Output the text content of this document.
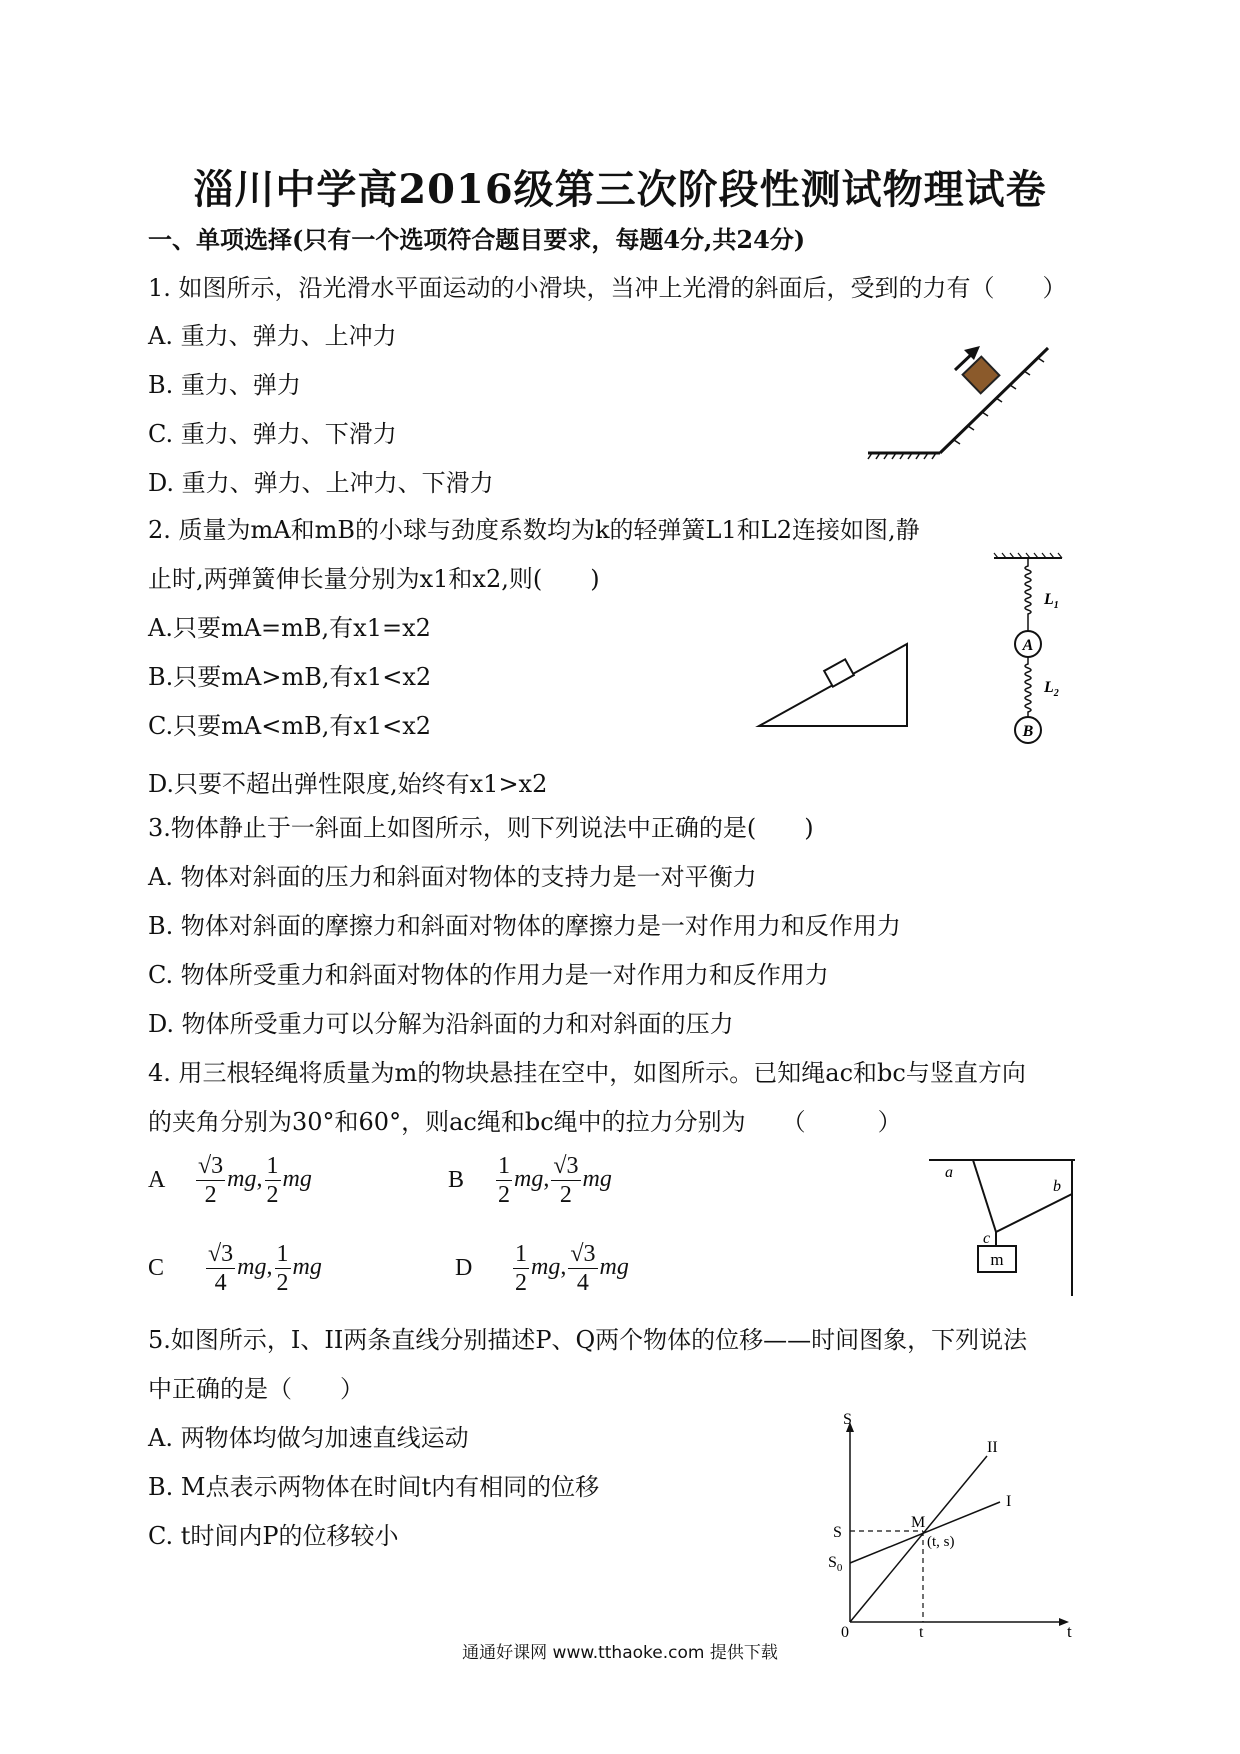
淄川中学高2016级第三次阶段性测试物理试卷
一、单项选择(只有一个选项符合题目要求，每题4分,共24分)
1. 如图所示，沿光滑水平面运动的小滑块，当冲上光滑的斜面后，受到的力有（　　）
A. 重力、弹力、上冲力
B. 重力、弹力
C. 重力、弹力、下滑力
D. 重力、弹力、上冲力、下滑力
2. 质量为mA和mB的小球与劲度系数均为k的轻弹簧L1和L2连接如图,静
止时,两弹簧伸长量分别为x1和x2,则(　　)
A.只要mA=mB,有x1=x2
B.只要mA>mB,有x1<x2
C.只要mA<mB,有x1<x2
D.只要不超出弹性限度,始终有x1>x2
A
B
$L_1$
$L_2$
3.物体静止于一斜面上如图所示，则下列说法中正确的是(　　)
A. 物体对斜面的压力和斜面对物体的支持力是一对平衡力
B. 物体对斜面的摩擦力和斜面对物体的摩擦力是一对作用力和反作用力
C. 物体所受重力和斜面对物体的作用力是一对作用力和反作用力
D. 物体所受重力可以分解为沿斜面的力和对斜面的压力
4. 用三根轻绳将质量为m的物块悬挂在空中，如图所示。已知绳ac和bc与竖直方向
的夹角分别为30°和60°，则ac绳和bc绳中的拉力分别为　　（　　　）
A $\frac{√3}{2}$ mg, $\frac{1}{2}$ mg	B $\frac{1}{2}$ mg, $\frac{√3}{2}$ mg
C $\frac{√3}{4}$ mg, $\frac{1}{2}$ mg	D $\frac{1}{2}$ mg, $\frac{√3}{4}$ mg	m
a
b
c
5.如图所示，I、II两条直线分别描述P、Q两个物体的位移——时间图象，下列说法
中正确的是（　　）
A. 两物体均做匀加速直线运动
B. M点表示两物体在时间t内有相同的位移
C. t时间内P的位移较小
S
t
0
S
$S_0$
t
M
(t, s)
I
II
通通好课网 www.tthaoke.com 提供下载
